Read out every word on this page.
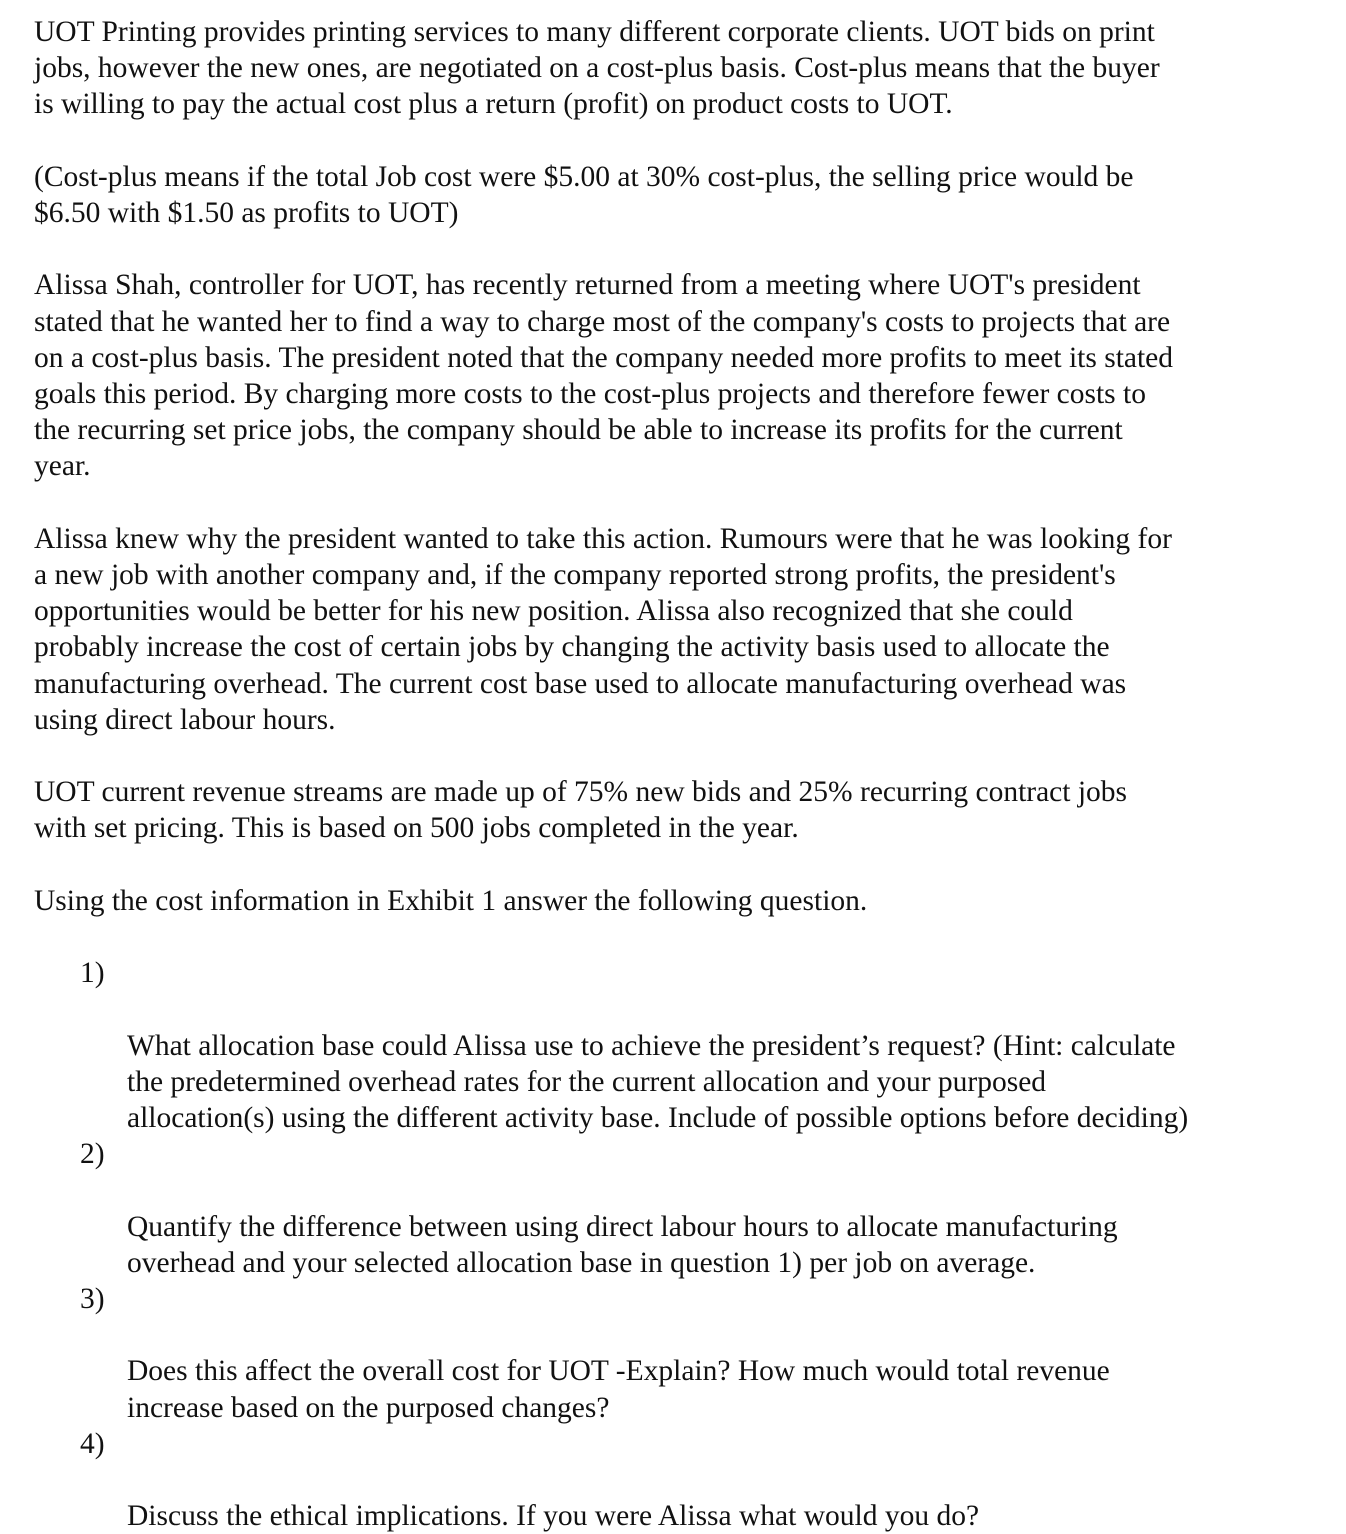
UOT Printing provides printing services to many different corporate clients. UOT bids on print
jobs, however the new ones, are negotiated on a cost-plus basis. Cost-plus means that the buyer
is willing to pay the actual cost plus a return (profit) on product costs to UOT.

(Cost-plus means if the total Job cost were $5.00 at 30% cost-plus, the selling price would be
$6.50 with $1.50 as profits to UOT)

Alissa Shah, controller for UOT, has recently returned from a meeting where UOT's president
stated that he wanted her to find a way to charge most of the company's costs to projects that are
on a cost-plus basis. The president noted that the company needed more profits to meet its stated
goals this period. By charging more costs to the cost-plus projects and therefore fewer costs to
the recurring set price jobs, the company should be able to increase its profits for the current
year.

Alissa knew why the president wanted to take this action. Rumours were that he was looking for
a new job with another company and, if the company reported strong profits, the president's
opportunities would be better for his new position. Alissa also recognized that she could
probably increase the cost of certain jobs by changing the activity basis used to allocate the
manufacturing overhead. The current cost base used to allocate manufacturing overhead was
using direct labour hours.

UOT current revenue streams are made up of 75% new bids and 25% recurring contract jobs
with set pricing. This is based on 500 jobs completed in the year.

Using the cost information in Exhibit 1 answer the following question.

1)

What allocation base could Alissa use to achieve the president’s request? (Hint: calculate
the predetermined overhead rates for the current allocation and your purposed
allocation(s) using the different activity base. Include of possible options before deciding)

2)

Quantify the difference between using direct labour hours to allocate manufacturing
overhead and your selected allocation base in question 1) per job on average.

3)

Does this affect the overall cost for UOT -Explain? How much would total revenue
increase based on the purposed changes?

4)

Discuss the ethical implications. If you were Alissa what would you do?
